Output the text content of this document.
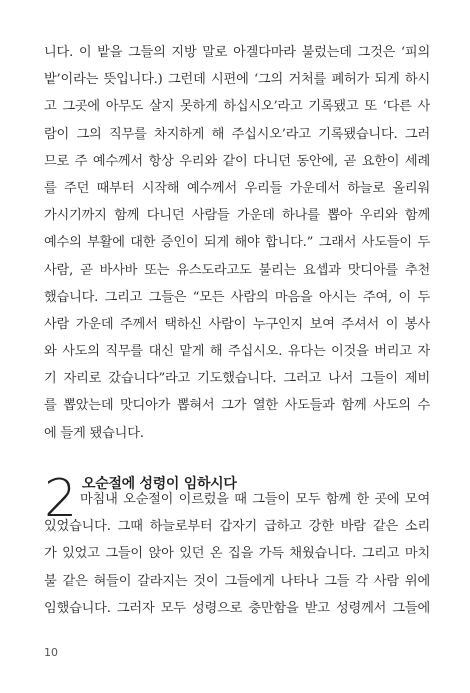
니다. 이 밭을 그들의 지방 말로 아겔다마라 불렀는데 그것은 ‘피의
밭’이라는 뜻입니다.) 그런데 시편에 ‘그의 거처를 폐허가 되게 하시
고 그곳에 아무도 살지 못하게 하십시오’라고 기록됐고 또 ‘다른 사
람이 그의 직무를 차지하게 해 주십시오’라고 기록됐습니다. 그러
므로 주 예수께서 항상 우리와 같이 다니던 동안에, 곧 요한이 세례
를 주던 때부터 시작해 예수께서 우리들 가운데서 하늘로 올리워
가시기까지 함께 다니던 사람들 가운데 하나를 뽑아 우리와 함께
예수의 부활에 대한 증인이 되게 해야 합니다.” 그래서 사도들이 두
사람, 곧 바사바 또는 유스도라고도 불리는 요셉과 맛디아를 추천
했습니다. 그리고 그들은 “모든 사람의 마음을 아시는 주여, 이 두
사람 가운데 주께서 택하신 사람이 누구인지 보여 주셔서 이 봉사
와 사도의 직무를 대신 맡게 해 주십시오. 유다는 이것을 버리고 자
기 자리로 갔습니다”라고 기도했습니다. 그러고 나서 그들이 제비
를 뽑았는데 맛디아가 뽑혀서 그가 열한 사도들과 함께 사도의 수
에 들게 됐습니다.
2 오순절에 성령이 임하시다
마침내 오순절이 이르렀을 때 그들이 모두 함께 한 곳에 모여
있었습니다. 그때 하늘로부터 갑자기 급하고 강한 바람 같은 소리
가 있었고 그들이 앉아 있던 온 집을 가득 채웠습니다. 그리고 마치
불 같은 혀들이 갈라지는 것이 그들에게 나타나 그들 각 사람 위에
임했습니다. 그러자 모두 성령으로 충만함을 받고 성령께서 그들에
10
